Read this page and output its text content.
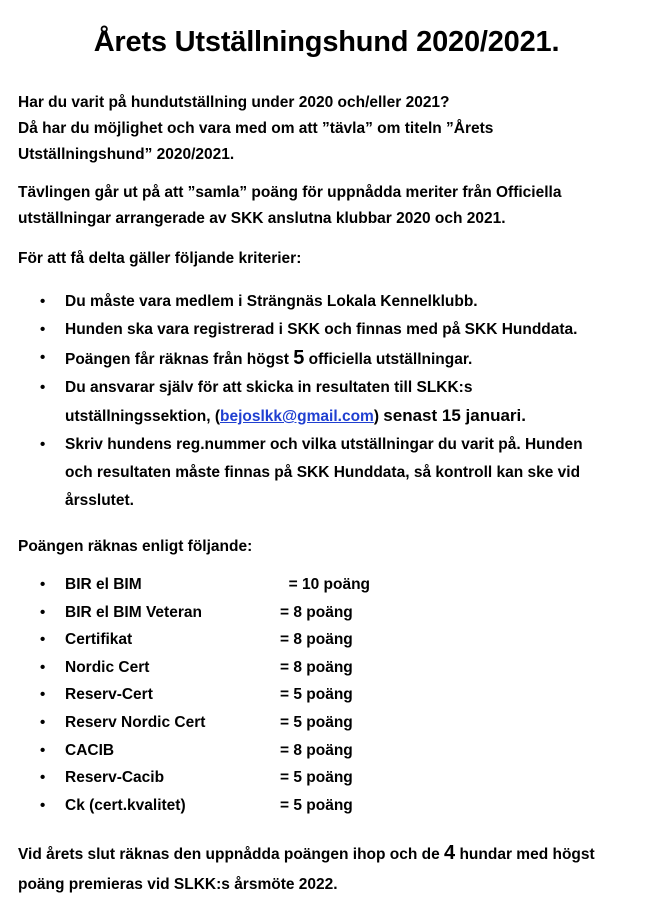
Årets Utställningshund 2020/2021.
Har du varit på hundutställning under 2020 och/eller 2021?
Då har du möjlighet och vara med om att ”tävla” om titeln ”Årets
Utställningshund” 2020/2021.
Tävlingen går ut på att ”samla” poäng för uppnådda meriter från Officiella
utställningar arrangerade av SKK anslutna klubbar 2020 och 2021.
För att få delta gäller följande kriterier:
• Du måste vara medlem i Strängnäs Lokala Kennelklubb.
• Hunden ska vara registrerad i SKK och finnas med på SKK Hunddata.
• Poängen får räknas från högst 5 officiella utställningar.
• Du ansvarar själv för att skicka in resultaten till SLKK:s
utställningssektion, (bejoslkk@gmail.com) senast 15 januari.
• Skriv hundens reg.nummer och vilka utställningar du varit på. Hunden
och resultaten måste finnas på SKK Hunddata, så kontroll kan ske vid
årsslutet.
Poängen räknas enligt följande:
• BIR el BIM	= 10 poäng
• BIR el BIM Veteran	= 8 poäng
• Certifikat	= 8 poäng
• Nordic Cert	= 8 poäng
• Reserv-Cert	= 5 poäng
• Reserv Nordic Cert	= 5 poäng
• CACIB	= 8 poäng
• Reserv-Cacib	= 5 poäng
• Ck (cert.kvalitet)	= 5 poäng
Vid årets slut räknas den uppnådda poängen ihop och de 4 hundar med högst
poäng premieras vid SLKK:s årsmöte 2022.
